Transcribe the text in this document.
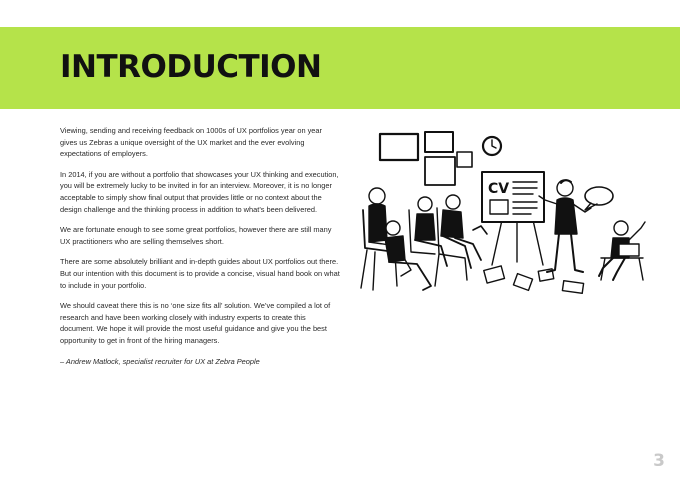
INTRODUCTION

Viewing, sending and receiving feedback on 1000s of UX portfolios year on year gives us Zebras a unique oversight of the UX market and the ever evolving expectations of employers.

In 2014, if you are without a portfolio that showcases your UX thinking and execution, you will be extremely lucky to be invited in for an interview. Moreover, it is no longer acceptable to simply show final output that provides little or no context about the design challenge and the thinking process in addition to what’s been delivered.

We are fortunate enough to see some great portfolios, however there are still many UX practitioners who are selling themselves short.

There are some absolutely brilliant and in-depth guides about UX portfolios out there. But our intention with this document is to provide a concise, visual hand book on what to include in your portfolio.

We should caveat there this is no ‘one size fits all’ solution. We’ve compiled a lot of research and have been working closely with industry experts to create this document. We hope it will provide the most useful guidance and give you the best opportunity to get in front of the hiring managers.

– Andrew Matlock, specialist recruiter for UX at Zebra People

CV
3
